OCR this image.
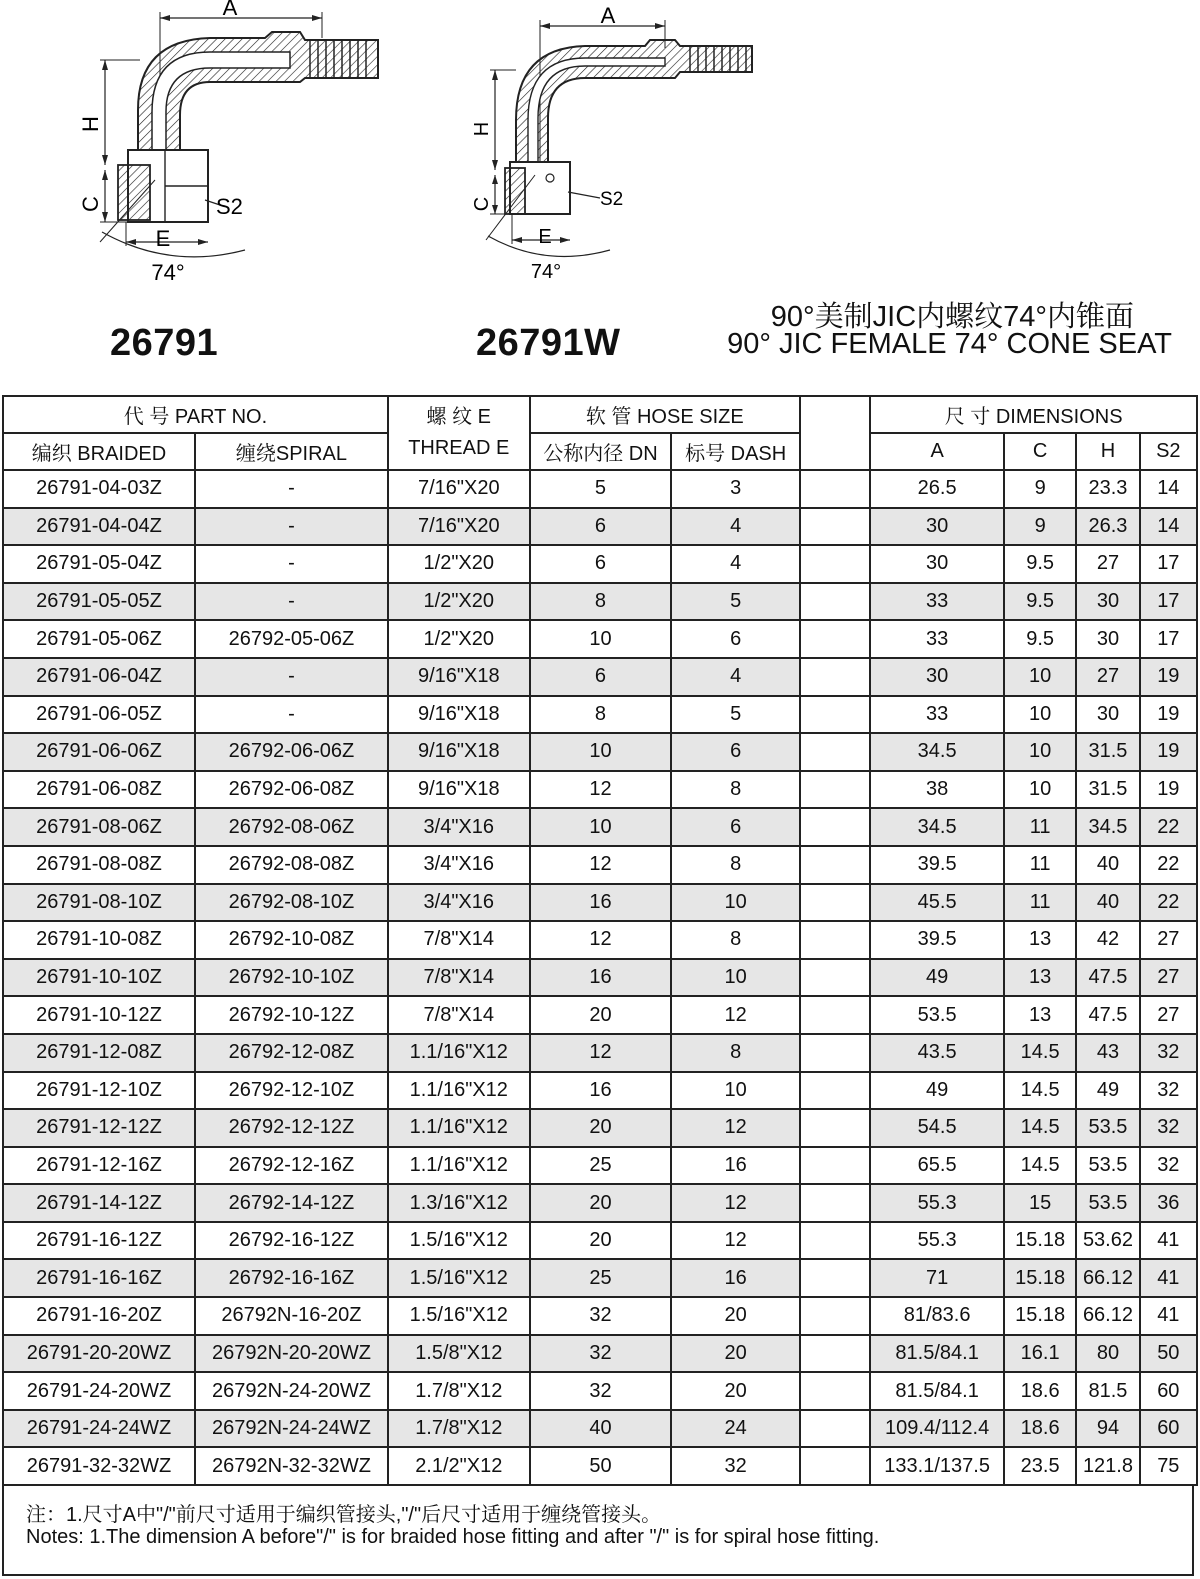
A
H
C
E
S2
74°
A
H
C
E
S2
74°
26791	26791W
90°美制JIC内螺纹74°内锥面
90° JIC FEMALE 74° CONE SEAT
代 号 PART NO.		螺 纹 E
THREAD E	软 管 HOSE SIZE			尺 寸 DIMENSIONS			
编织 BRAIDED	缠绕SPIRAL		公称内径 DN	标号 DASH		A	C	H	S2
26791-04-03Z	-	7/16"X20	5	3		26.5	9	23.3	14
26791-04-04Z	-	7/16"X20	6	4		30	9	26.3	14
26791-05-04Z	-	1/2"X20	6	4		30	9.5	27	17
26791-05-05Z	-	1/2"X20	8	5		33	9.5	30	17
26791-05-06Z	26792-05-06Z	1/2"X20	10	6		33	9.5	30	17
26791-06-04Z	-	9/16"X18	6	4		30	10	27	19
26791-06-05Z	-	9/16"X18	8	5		33	10	30	19
26791-06-06Z	26792-06-06Z	9/16"X18	10	6		34.5	10	31.5	19
26791-06-08Z	26792-06-08Z	9/16"X18	12	8		38	10	31.5	19
26791-08-06Z	26792-08-06Z	3/4"X16	10	6		34.5	11	34.5	22
26791-08-08Z	26792-08-08Z	3/4"X16	12	8		39.5	11	40	22
26791-08-10Z	26792-08-10Z	3/4"X16	16	10		45.5	11	40	22
26791-10-08Z	26792-10-08Z	7/8"X14	12	8		39.5	13	42	27
26791-10-10Z	26792-10-10Z	7/8"X14	16	10		49	13	47.5	27
26791-10-12Z	26792-10-12Z	7/8"X14	20	12		53.5	13	47.5	27
26791-12-08Z	26792-12-08Z	1.1/16"X12	12	8		43.5	14.5	43	32
26791-12-10Z	26792-12-10Z	1.1/16"X12	16	10		49	14.5	49	32
26791-12-12Z	26792-12-12Z	1.1/16"X12	20	12		54.5	14.5	53.5	32
26791-12-16Z	26792-12-16Z	1.1/16"X12	25	16		65.5	14.5	53.5	32
26791-14-12Z	26792-14-12Z	1.3/16"X12	20	12		55.3	15	53.5	36
26791-16-12Z	26792-16-12Z	1.5/16"X12	20	12		55.3	15.18	53.62	41
26791-16-16Z	26792-16-16Z	1.5/16"X12	25	16		71	15.18	66.12	41
26791-16-20Z	26792N-16-20Z	1.5/16"X12	32	20		81/83.6	15.18	66.12	41
26791-20-20WZ	26792N-20-20WZ	1.5/8"X12	32	20		81.5/84.1	16.1	80	50
26791-24-20WZ	26792N-24-20WZ	1.7/8"X12	32	20		81.5/84.1	18.6	81.5	60
26791-24-24WZ	26792N-24-24WZ	1.7/8"X12	40	24		109.4/112.4	18.6	94	60
26791-32-32WZ	26792N-32-32WZ	2.1/2"X12	50	32		133.1/137.5	23.5	121.8	75
注：1.尺寸A中"/"前尺寸适用于编织管接头,"/"后尺寸适用于缠绕管接头。
Notes: 1.The dimension A before"/" is for braided hose fitting and after "/" is for spiral hose fitting.
